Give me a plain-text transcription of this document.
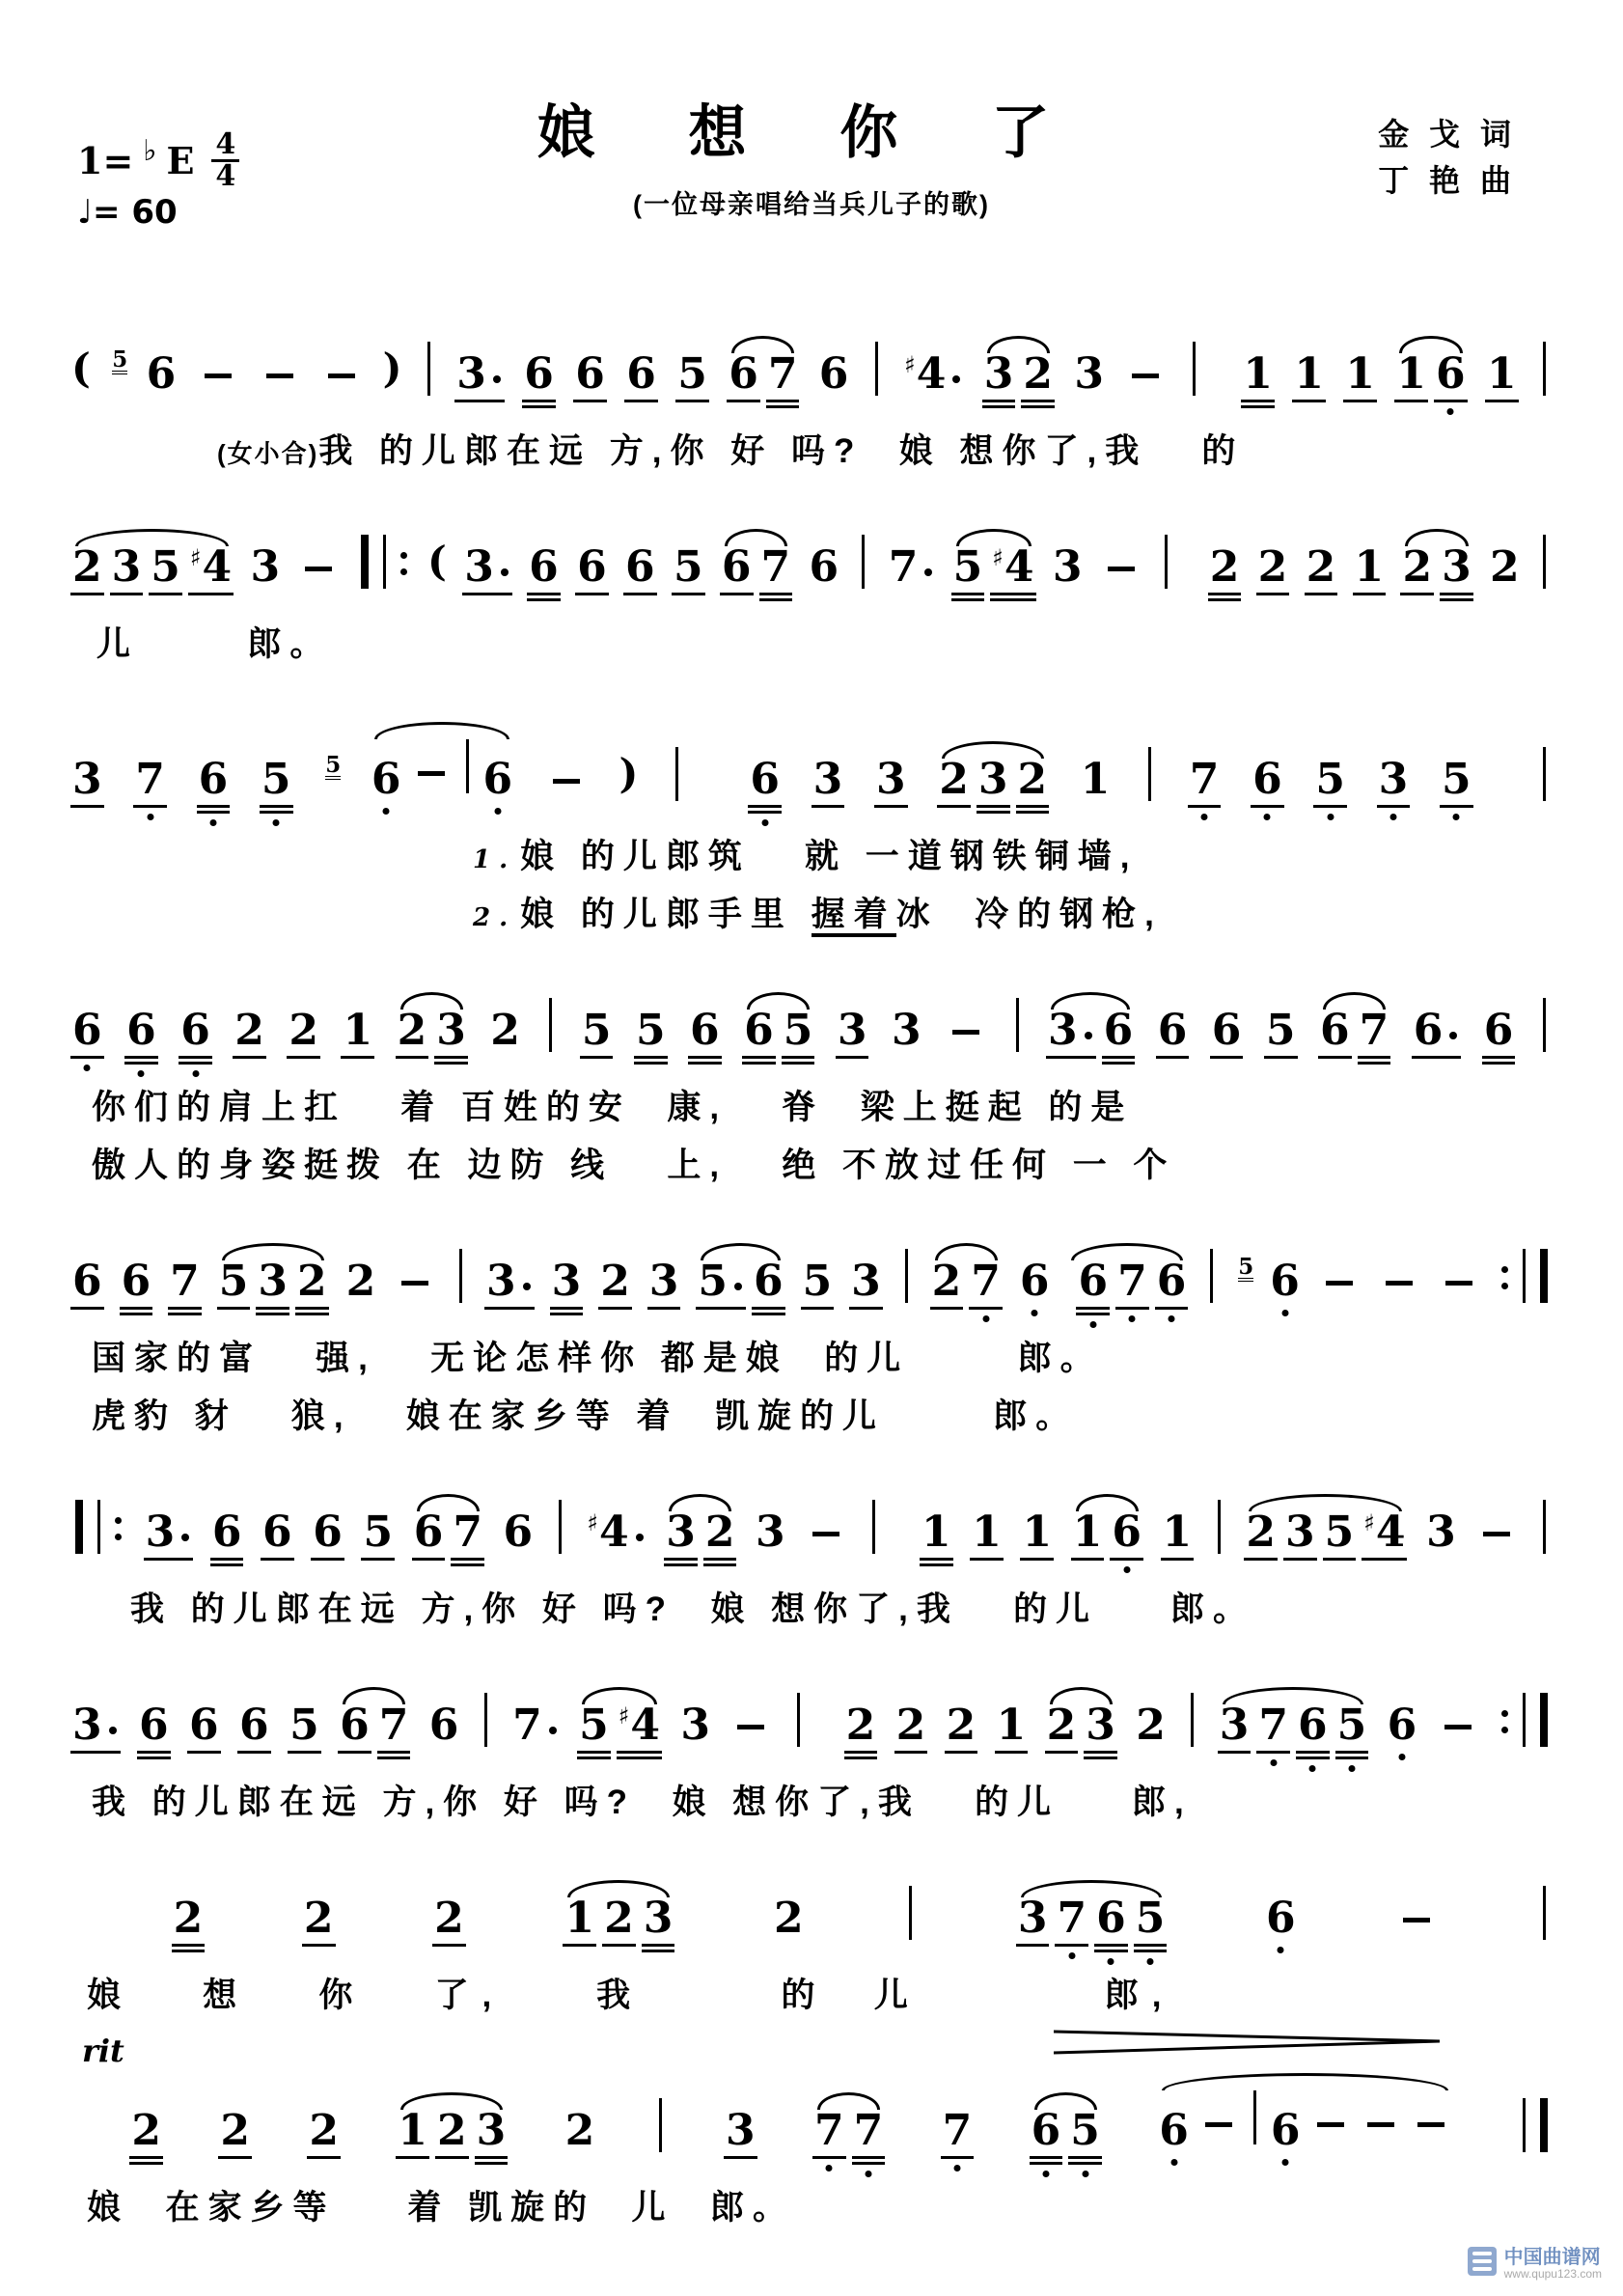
娘 想 你 了
(一位母亲唱给当兵儿子的歌)
金 戈 词
丁 艳 曲
1= ♭ E $\frac{4}{4}$
♩= 60
( 5 6	) 3 6 6 6 5 6 7 6 ♯4 3 2 3	1 1 1 1 6 1
(女小合)我 的儿郎在远 方,你 好 吗?  娘 想你了,我   的
2 3 5 ♯4 3	( 3 6 6 6 5 6 7 6 7 5 ♯4 3	2 2 2 1 2 3 2
儿      郎。
3 7 6 5 5 6 6	)	6 3 3 2 3 2 1 7 6 5 3 5
1. 娘 的儿郎筑   就 一道钢铁铜墙,
2. 娘 的儿郎手里 握着冰  冷的钢枪,
6 6 6 2 2 1 2 3 2 5 5 6 6 5 3 3	3 6 6 6 5 6 7 6 6
你们的肩上扛   着 百姓的安  康,   脊  梁上挺起 的是
傲人的身姿挺拨 在 边防 线   上,   绝 不放过任何 一 个
6 6 7 5 3 2 2	3 3 2 3 5 6 5 3 2 7 6 6 7 6 5 6
国家的富   强,   无论怎样你 都是娘  的儿      郎。
虎豹 豺   狼,   娘在家乡等 着  凯旋的儿      郎。
3 6 6 6 5 6 7 6 ♯4 3 2 3	1 1 1 1 6 1 2 3 5 ♯4 3
我 的儿郎在远 方,你 好 吗?  娘 想你了,我   的儿    郎。
3 6 6 6 5 6 7 6 7 5 ♯4 3	2 2 2 1 2 3 2 3 7 6 5 6
我 的儿郎在远 方,你 好 吗?  娘 想你了,我   的儿    郎,
2 2 2 1 2 3 2	3 7 6 5 6
娘   想   你   了,    我      的  儿        郎,
rit
2 2 2 1 2 3 2	3 7 7 7 6 5 6 6
娘  在家乡等    着 凯旋的  儿  郎。
中国曲谱网
www.qupu123.com
